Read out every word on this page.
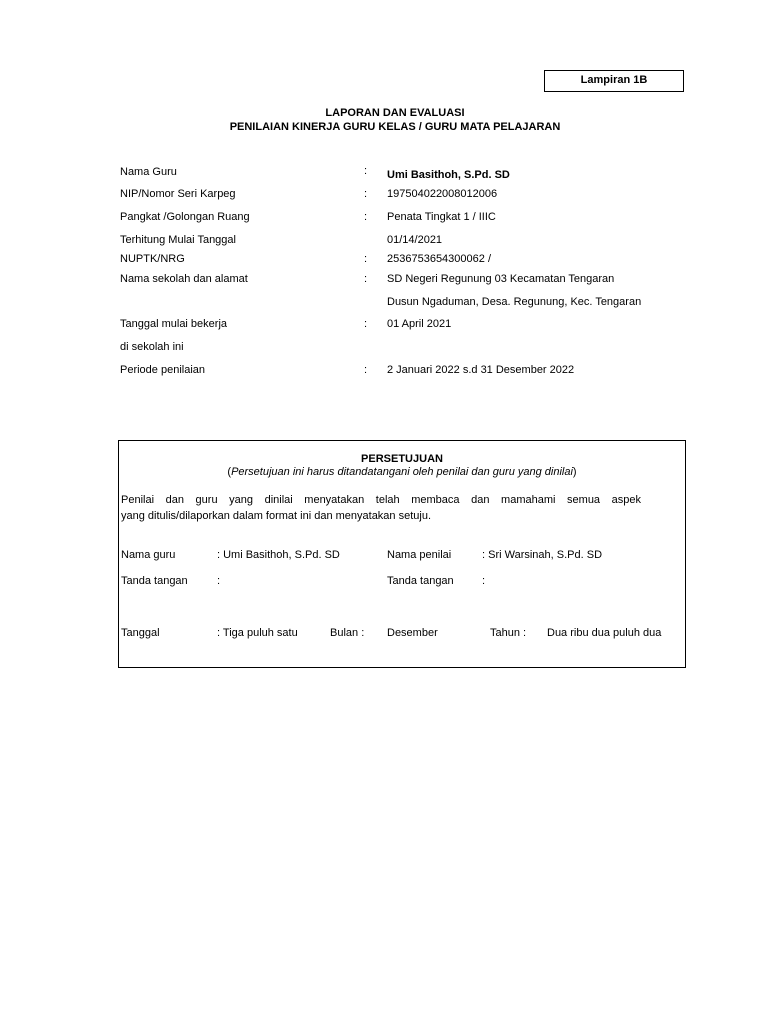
Lampiran 1B
LAPORAN DAN EVALUASI
PENILAIAN KINERJA GURU KELAS / GURU MATA PELAJARAN
Nama Guru	: Umi Basithoh, S.Pd. SD
NIP/Nomor Seri Karpeg	: 197504022008012006
Pangkat /Golongan Ruang	: Penata Tingkat 1 / IIIC
Terhitung Mulai Tanggal	01/14/2021
NUPTK/NRG	: 2536753654300062 /
Nama sekolah dan alamat	: SD Negeri Regunung 03 Kecamatan Tengaran
Dusun Ngaduman, Desa. Regunung, Kec. Tengaran
Tanggal mulai bekerja	: 01 April 2021
di sekolah ini
Periode penilaian	: 2 Januari 2022 s.d 31 Desember 2022
PERSETUJUAN
(Persetujuan ini harus ditandatangani oleh penilai dan guru yang dinilai)
Penilai dan guru yang dinilai menyatakan telah membaca dan mamahami semua aspek
yang ditulis/dilaporkan dalam format ini dan menyatakan setuju.
Nama guru	: Umi Basithoh, S.Pd. SD	Nama penilai	: Sri Warsinah, S.Pd. SD
Tanda tangan	:	Tanda tangan	:
Tanggal	: Tiga puluh satu	Bulan : Desember	Tahun : Dua ribu dua puluh dua
